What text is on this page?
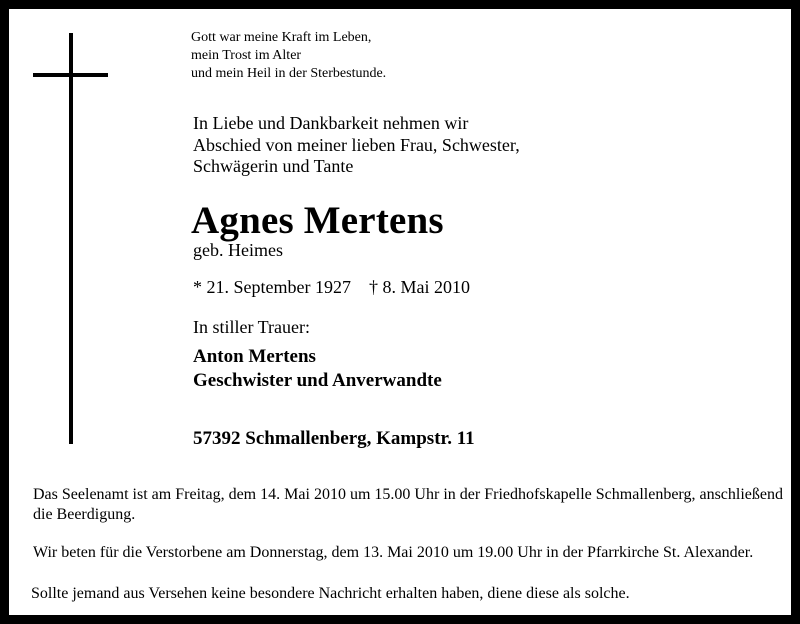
Gott war meine Kraft im Leben,
mein Trost im Alter
und mein Heil in der Sterbestunde.
In Liebe und Dankbarkeit nehmen wir
Abschied von meiner lieben Frau, Schwester,
Schwägerin und Tante
Agnes Mertens
geb. Heimes
* 21. September 1927 † 8. Mai 2010
In stiller Trauer:
Anton Mertens
Geschwister und Anverwandte
57392 Schmallenberg, Kampstr. 11
Das Seelenamt ist am Freitag, dem 14. Mai 2010 um 15.00 Uhr in der Friedhofskapelle Schmallenberg, anschließend die Beerdigung.
Wir beten für die Verstorbene am Donnerstag, dem 13. Mai 2010 um 19.00 Uhr in der Pfarrkirche St. Alexander.
Sollte jemand aus Versehen keine besondere Nachricht erhalten haben, diene diese als solche.
